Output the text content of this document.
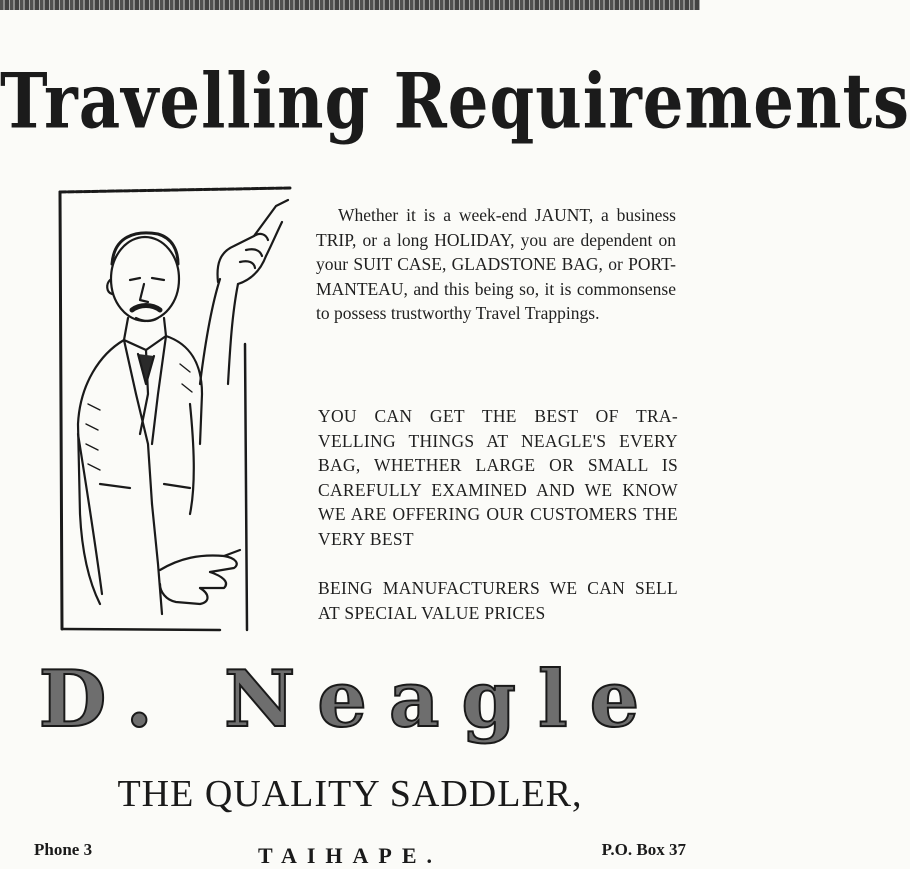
Travelling Requirements

Whether it is a week-end JAUNT, a business TRIP, or a long HOLIDAY, you are dependent on your SUIT CASE, GLADSTONE BAG, or PORT-MANTEAU, and this being so, it is commonsense to possess trustworthy Travel Trappings.

YOU CAN GET THE BEST OF TRA-VELLING THINGS AT NEAGLE'S EVERY BAG, WHETHER LARGE OR SMALL IS CAREFULLY EXAMINED AND WE KNOW WE ARE OFFERING OUR CUSTOMERS THE VERY BEST

BEING MANUFACTURERS WE CAN SELL AT SPECIAL VALUE PRICES

D. Neagle
THE QUALITY SADDLER,
Phone 3	TAIHAPE.	P.O. Box 37
